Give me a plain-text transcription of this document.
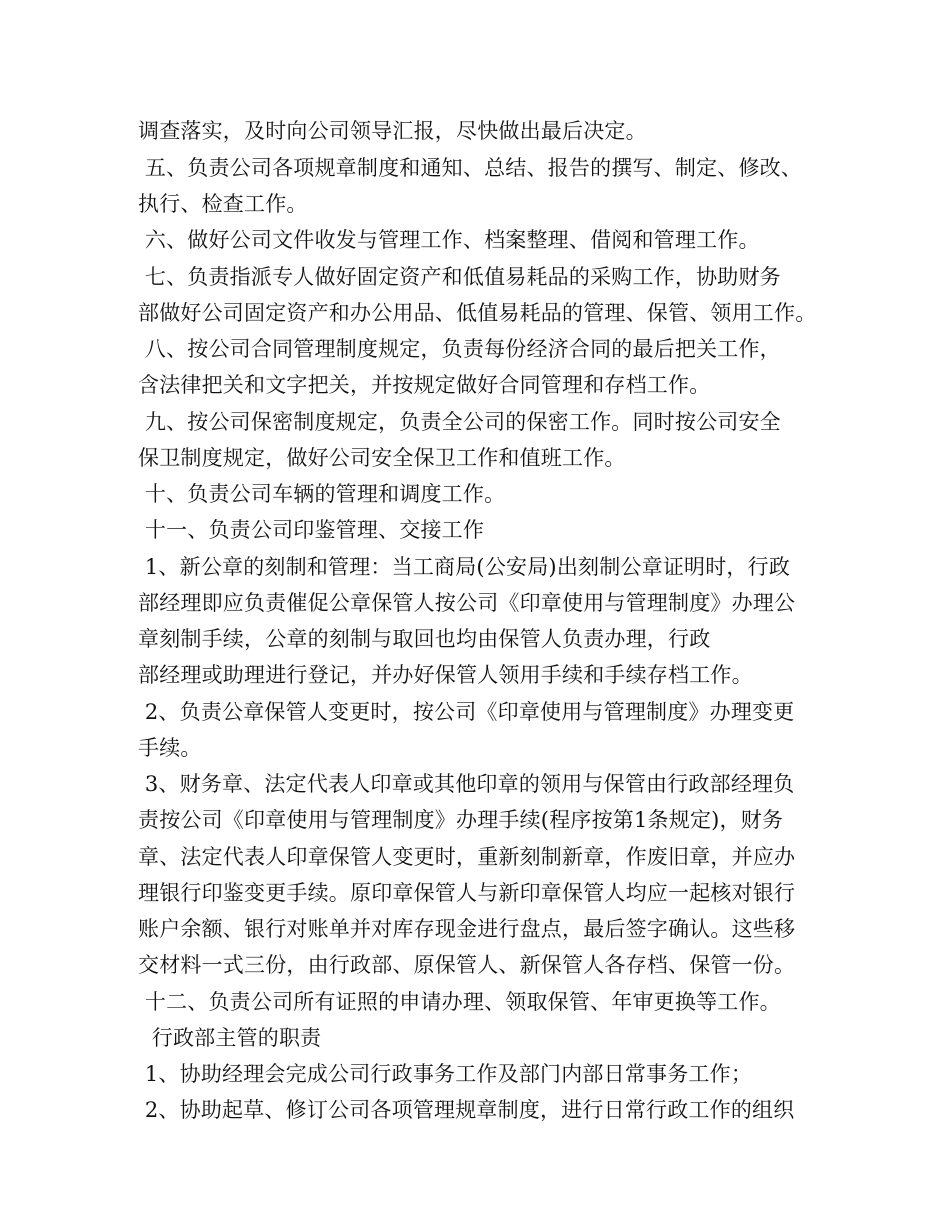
调查落实，及时向公司领导汇报，尽快做出最后决定。

五、负责公司各项规章制度和通知、总结、报告的撰写、制定、修改、

执行、检查工作。

六、做好公司文件收发与管理工作、档案整理、借阅和管理工作。

七、负责指派专人做好固定资产和低值易耗品的采购工作，协助财务

部做好公司固定资产和办公用品、低值易耗品的管理、保管、领用工作。

八、按公司合同管理制度规定，负责每份经济合同的最后把关工作，

含法律把关和文字把关，并按规定做好合同管理和存档工作。

九、按公司保密制度规定，负责全公司的保密工作。同时按公司安全

保卫制度规定，做好公司安全保卫工作和值班工作。

十、负责公司车辆的管理和调度工作。

十一、负责公司印鉴管理、交接工作

1、新公章的刻制和管理：当工商局(公安局)出刻制公章证明时，行政

部经理即应负责催促公章保管人按公司《印章使用与管理制度》办理公

章刻制手续，公章的刻制与取回也均由保管人负责办理，行政

部经理或助理进行登记，并办好保管人领用手续和手续存档工作。

2、负责公章保管人变更时，按公司《印章使用与管理制度》办理变更

手续。

3、财务章、法定代表人印章或其他印章的领用与保管由行政部经理负

责按公司《印章使用与管理制度》办理手续(程序按第1条规定)，财务

章、法定代表人印章保管人变更时，重新刻制新章，作废旧章，并应办

理银行印鉴变更手续。原印章保管人与新印章保管人均应一起核对银行

账户余额、银行对账单并对库存现金进行盘点，最后签字确认。这些移

交材料一式三份，由行政部、原保管人、新保管人各存档、保管一份。

十二、负责公司所有证照的申请办理、领取保管、年审更换等工作。

行政部主管的职责

1、协助经理会完成公司行政事务工作及部门内部日常事务工作；

2、协助起草、修订公司各项管理规章制度，进行日常行政工作的组织
